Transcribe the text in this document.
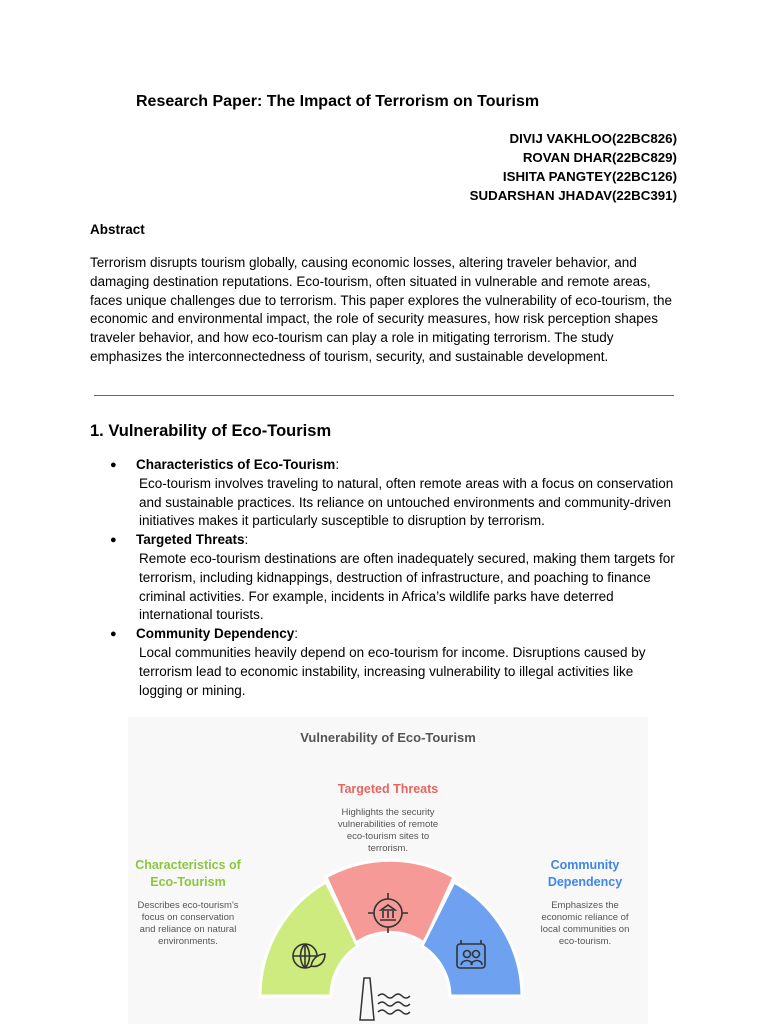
Research Paper: The Impact of Terrorism on Tourism
DIVIJ VAKHLOO(22BC826)
ROVAN DHAR(22BC829)
ISHITA PANGTEY(22BC126)
SUDARSHAN JHADAV(22BC391)
Abstract

Terrorism disrupts tourism globally, causing economic losses, altering traveler behavior, and damaging destination reputations. Eco-tourism, often situated in vulnerable and remote areas, faces unique challenges due to terrorism. This paper explores the vulnerability of eco-tourism, the economic and environmental impact, the role of security measures, how risk perception shapes traveler behavior, and how eco-tourism can play a role in mitigating terrorism. The study emphasizes the interconnectedness of tourism, security, and sustainable development.

1. Vulnerability of Eco-Tourism
● Characteristics of Eco-Tourism:
Eco-tourism involves traveling to natural, often remote areas with a focus on conservation and sustainable practices. Its reliance on untouched environments and community-driven initiatives makes it particularly susceptible to disruption by terrorism.
● Targeted Threats:
Remote eco-tourism destinations are often inadequately secured, making them targets for terrorism, including kidnappings, destruction of infrastructure, and poaching to finance criminal activities. For example, incidents in Africa’s wildlife parks have deterred international tourists.
● Community Dependency:
Local communities heavily depend on eco-tourism for income. Disruptions caused by terrorism lead to economic instability, increasing vulnerability to illegal activities like logging or mining.
Vulnerability of Eco-Tourism
Targeted Threats
Highlights the security
vulnerabilities of remote
eco-tourism sites to
terrorism.
Characteristics of
Eco-Tourism
Describes eco-tourism's
focus on conservation
and reliance on natural
environments.
Community
Dependency
Emphasizes the
economic reliance of
local communities on
eco-tourism.
